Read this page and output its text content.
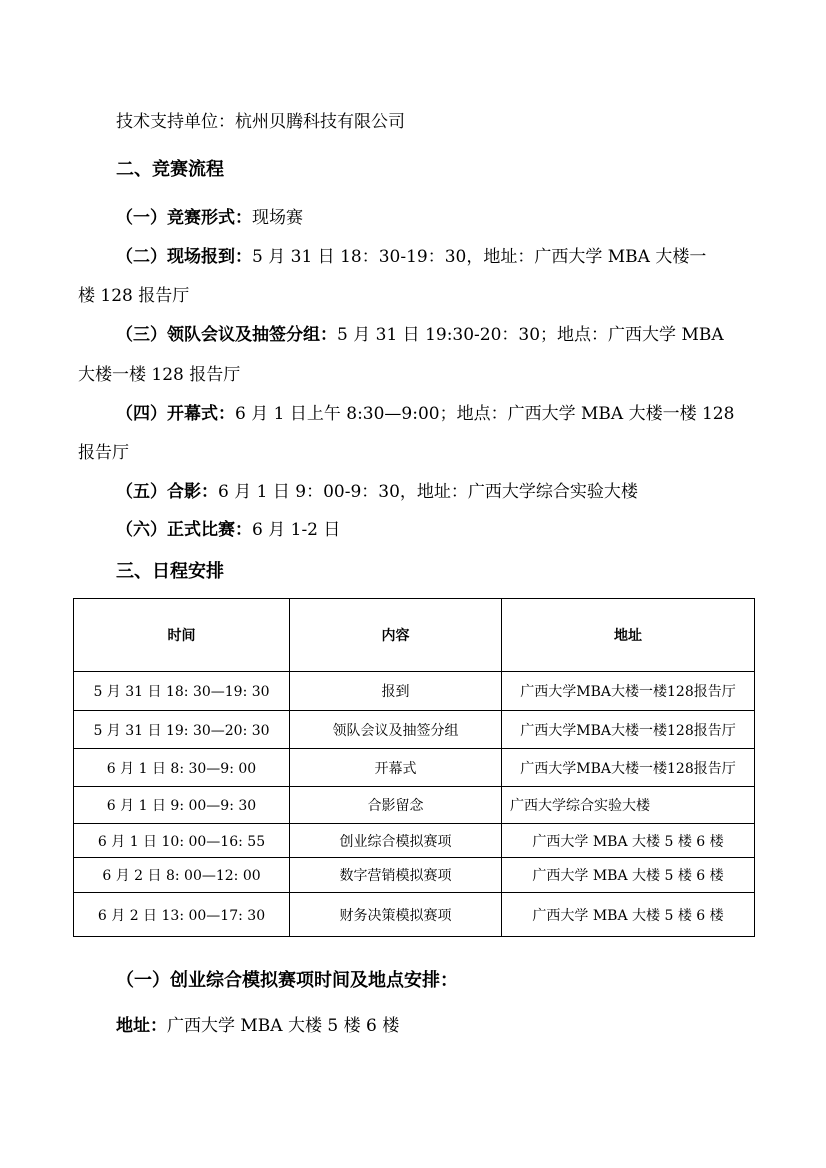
技术支持单位：杭州贝腾科技有限公司
二、竞赛流程
（一）竞赛形式：现场赛
（二）现场报到：5 月 31 日 18：30-19：30，地址：广西大学 MBA 大楼一
楼 128 报告厅
（三）领队会议及抽签分组：5 月 31 日 19:30-20：30；地点：广西大学 MBA
大楼一楼 128 报告厅
（四）开幕式：6 月 1 日上午 8:30—9:00；地点：广西大学 MBA 大楼一楼 128
报告厅
（五）合影：6 月 1 日 9：00-9：30，地址：广西大学综合实验大楼
（六）正式比赛：6 月 1-2 日
三、日程安排
时间	内容	地址
5 月 31 日 18: 30—19: 30	报到	广西大学MBA大楼一楼128报告厅
5 月 31 日 19: 30—20: 30	领队会议及抽签分组	广西大学MBA大楼一楼128报告厅
6 月 1 日 8: 30—9: 00	开幕式	广西大学MBA大楼一楼128报告厅
6 月 1 日 9: 00—9: 30	合影留念	广西大学综合实验大楼
6 月 1 日 10: 00—16: 55	创业综合模拟赛项	广西大学 MBA 大楼 5 楼 6 楼
6 月 2 日 8: 00—12: 00	数字营销模拟赛项	广西大学 MBA 大楼 5 楼 6 楼
6 月 2 日 13: 00—17: 30	财务决策模拟赛项	广西大学 MBA 大楼 5 楼 6 楼
（一）创业综合模拟赛项时间及地点安排：
地址：广西大学 MBA 大楼 5 楼 6 楼
